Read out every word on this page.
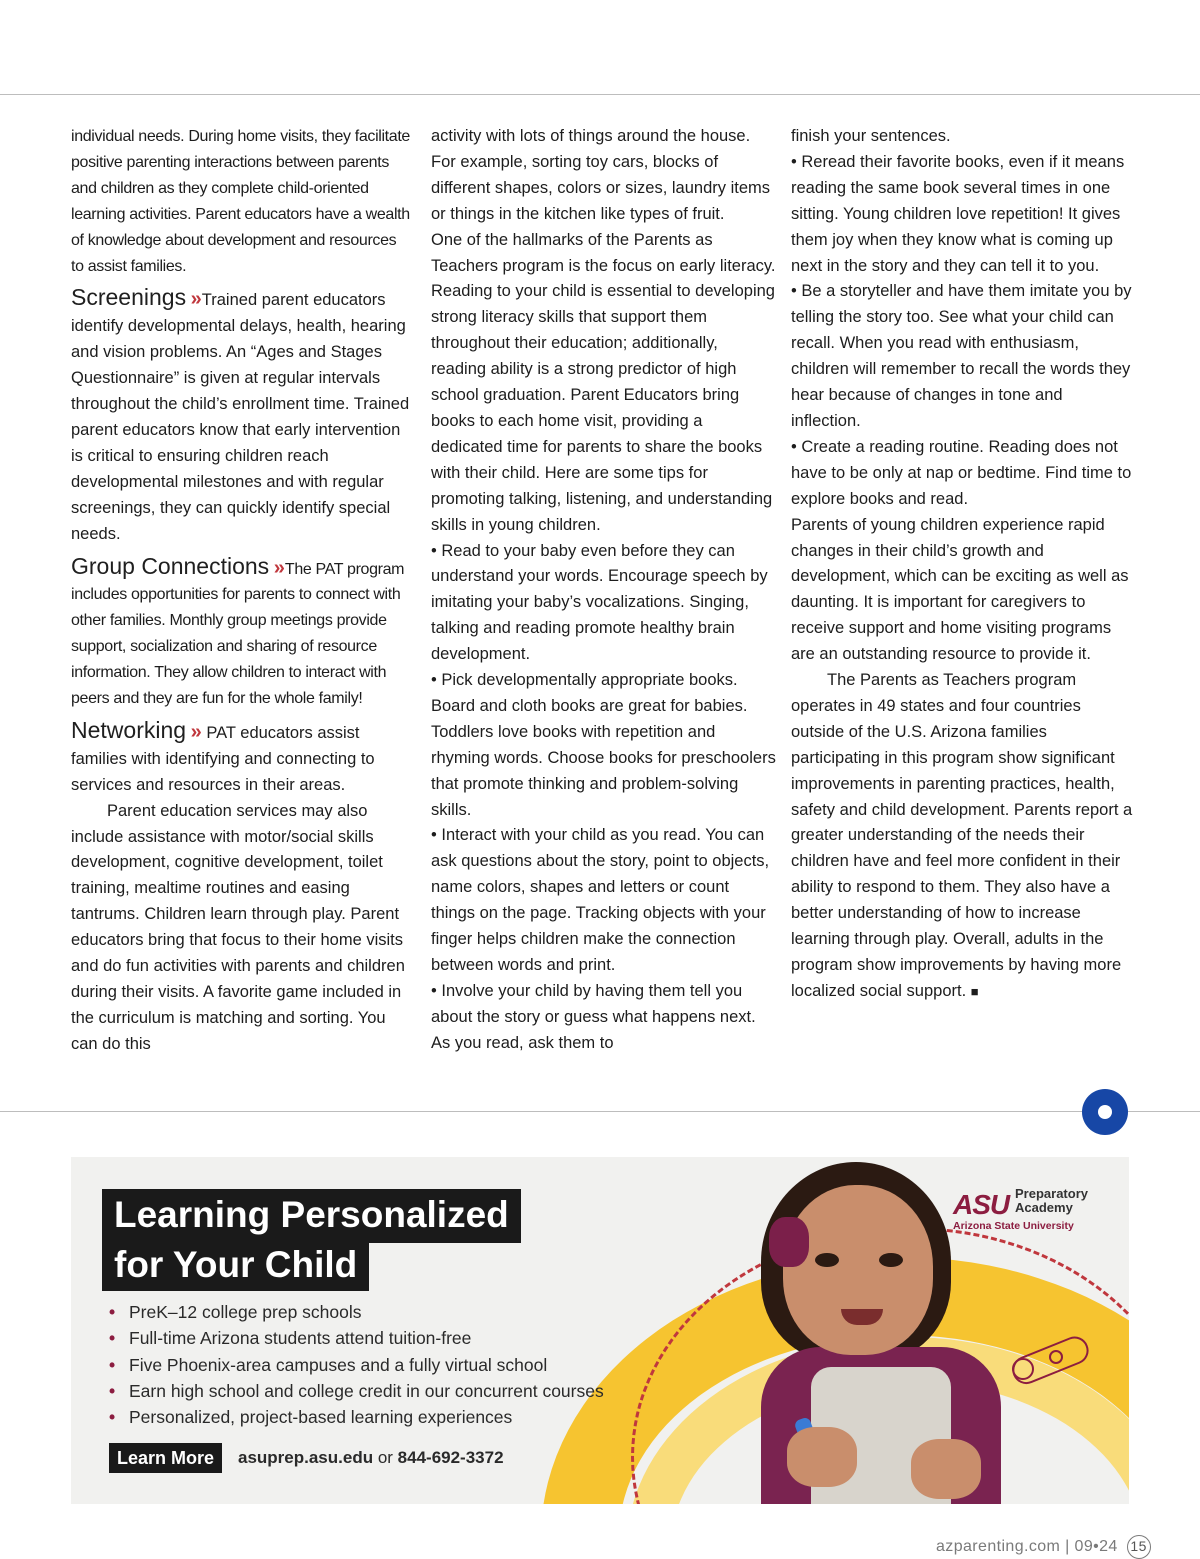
individual needs. During home visits, they facilitate positive parenting interactions between parents and children as they complete child-oriented learning activities. Parent educators have a wealth of knowledge about development and resources to assist families.

Screenings »Trained parent educators identify developmental delays, health, hearing and vision problems. An “Ages and Stages Questionnaire” is given at regular intervals throughout the child’s enrollment time. Trained parent educators know that early intervention is critical to ensuring children reach developmental milestones and with regular screenings, they can quickly identify special needs.

Group Connections »The PAT program includes opportunities for parents to connect with other families. Monthly group meetings provide support, socialization and sharing of resource information. They allow children to interact with peers and they are fun for the whole family!

Networking » PAT educators assist families with identifying and connecting to services and resources in their areas.

Parent education services may also include assistance with motor/social skills development, cognitive development, toilet training, mealtime routines and easing tantrums. Children learn through play. Parent educators bring that focus to their home visits and do fun activities with parents and children during their visits. A favorite game included in the curriculum is matching and sorting. You can do this

activity with lots of things around the house. For example, sorting toy cars, blocks of different shapes, colors or sizes, laundry items or things in the kitchen like types of fruit.

One of the hallmarks of the Parents as Teachers program is the focus on early literacy. Reading to your child is essential to developing strong literacy skills that support them throughout their education; additionally, reading ability is a strong predictor of high school graduation. Parent Educators bring books to each home visit, providing a dedicated time for parents to share the books with their child. Here are some tips for promoting talking, listening, and understanding skills in young children.

• Read to your baby even before they can understand your words. Encourage speech by imitating your baby’s vocalizations. Singing, talking and reading promote healthy brain development.

• Pick developmentally appropriate books. Board and cloth books are great for babies. Toddlers love books with repetition and rhyming words. Choose books for preschoolers that promote thinking and problem-solving skills.

• Interact with your child as you read. You can ask questions about the story, point to objects, name colors, shapes and letters or count things on the page. Tracking objects with your finger helps children make the connection between words and print.

• Involve your child by having them tell you about the story or guess what happens next. As you read, ask them to

finish your sentences.

• Reread their favorite books, even if it means reading the same book several times in one sitting. Young children love repetition! It gives them joy when they know what is coming up next in the story and they can tell it to you.

• Be a storyteller and have them imitate you by telling the story too. See what your child can recall. When you read with enthusiasm, children will remember to recall the words they hear because of changes in tone and inflection.

• Create a reading routine. Reading does not have to be only at nap or bedtime. Find time to explore books and read.

Parents of young children experience rapid changes in their child’s growth and development, which can be exciting as well as daunting. It is important for caregivers to receive support and home visiting programs are an outstanding resource to provide it.

The Parents as Teachers program operates in 49 states and four countries outside of the U.S. Arizona families participating in this program show significant improvements in parenting practices, health, safety and child development. Parents report a greater understanding of the needs their children have and feel more confident in their ability to respond to them. They also have a better understanding of how to increase learning through play. Overall, adults in the program show improvements by having more localized social support. ■

Learning Personalized
for Your Child
• PreK–12 college prep schools
• Full-time Arizona students attend tuition-free
• Five Phoenix-area campuses and a fully virtual school
• Earn high school and college credit in our concurrent courses
• Personalized, project-based learning experiences
Learn More	asuprep.asu.edu or 844-692-3372
ASU Preparatory
Academy
Arizona State University
azparenting.com | 09•24 15
